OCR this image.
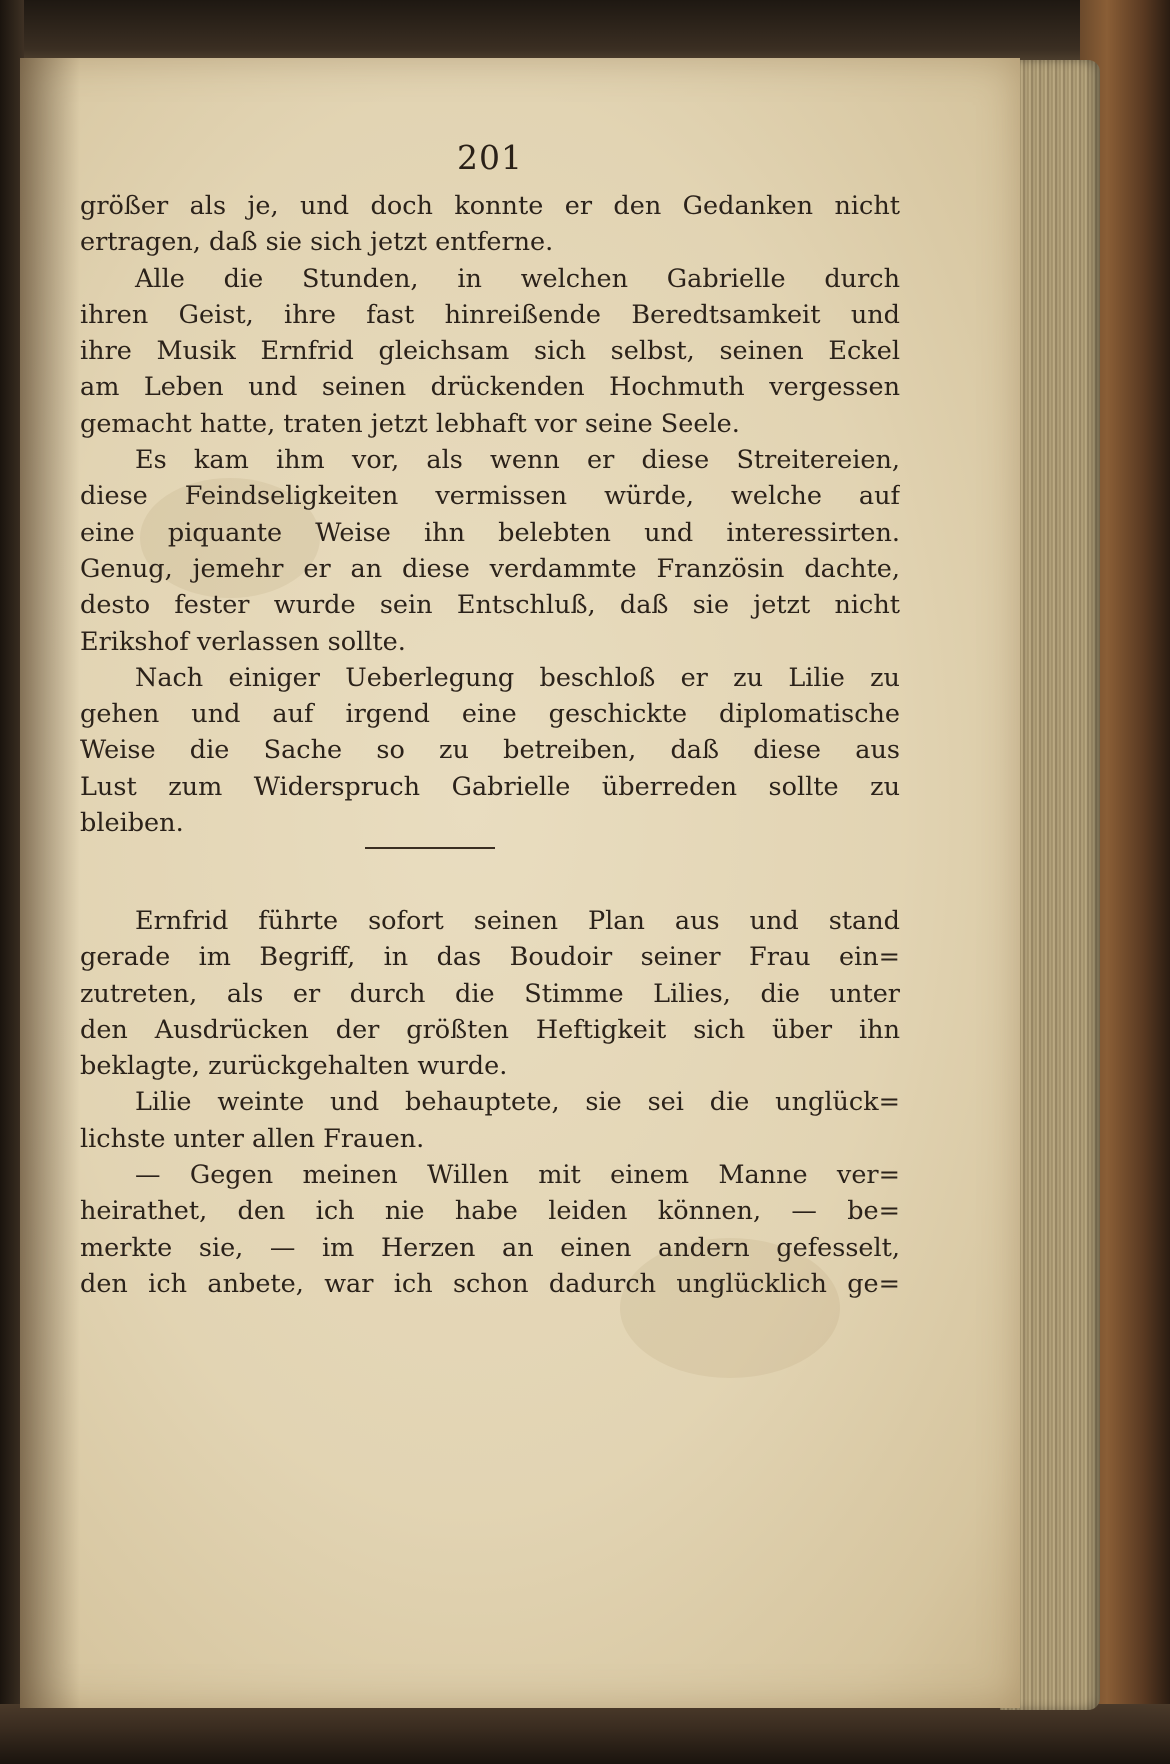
201
größer als je, und doch konnte er den Gedanken nicht
ertragen, daß sie sich jetzt entferne.
Alle die Stunden, in welchen Gabrielle durch
ihren Geist, ihre fast hinreißende Beredtsamkeit und
ihre Musik Ernfrid gleichsam sich selbst, seinen Eckel
am Leben und seinen drückenden Hochmuth vergessen
gemacht hatte, traten jetzt lebhaft vor seine Seele.
Es kam ihm vor, als wenn er diese Streitereien,
diese Feindseligkeiten vermissen würde, welche auf
eine piquante Weise ihn belebten und interessirten.
Genug, jemehr er an diese verdammte Französin dachte,
desto fester wurde sein Entschluß, daß sie jetzt nicht
Erikshof verlassen sollte.
Nach einiger Ueberlegung beschloß er zu Lilie zu
gehen und auf irgend eine geschickte diplomatische
Weise die Sache so zu betreiben, daß diese aus
Lust zum Widerspruch Gabrielle überreden sollte zu
bleiben.
Ernfrid führte sofort seinen Plan aus und stand
gerade im Begriff, in das Boudoir seiner Frau ein=
zutreten, als er durch die Stimme Lilies, die unter
den Ausdrücken der größten Heftigkeit sich über ihn
beklagte, zurückgehalten wurde.
Lilie weinte und behauptete, sie sei die unglück=
lichste unter allen Frauen.
— Gegen meinen Willen mit einem Manne ver=
heirathet, den ich nie habe leiden können, — be=
merkte sie, — im Herzen an einen andern gefesselt,
den ich anbete, war ich schon dadurch unglücklich ge=
